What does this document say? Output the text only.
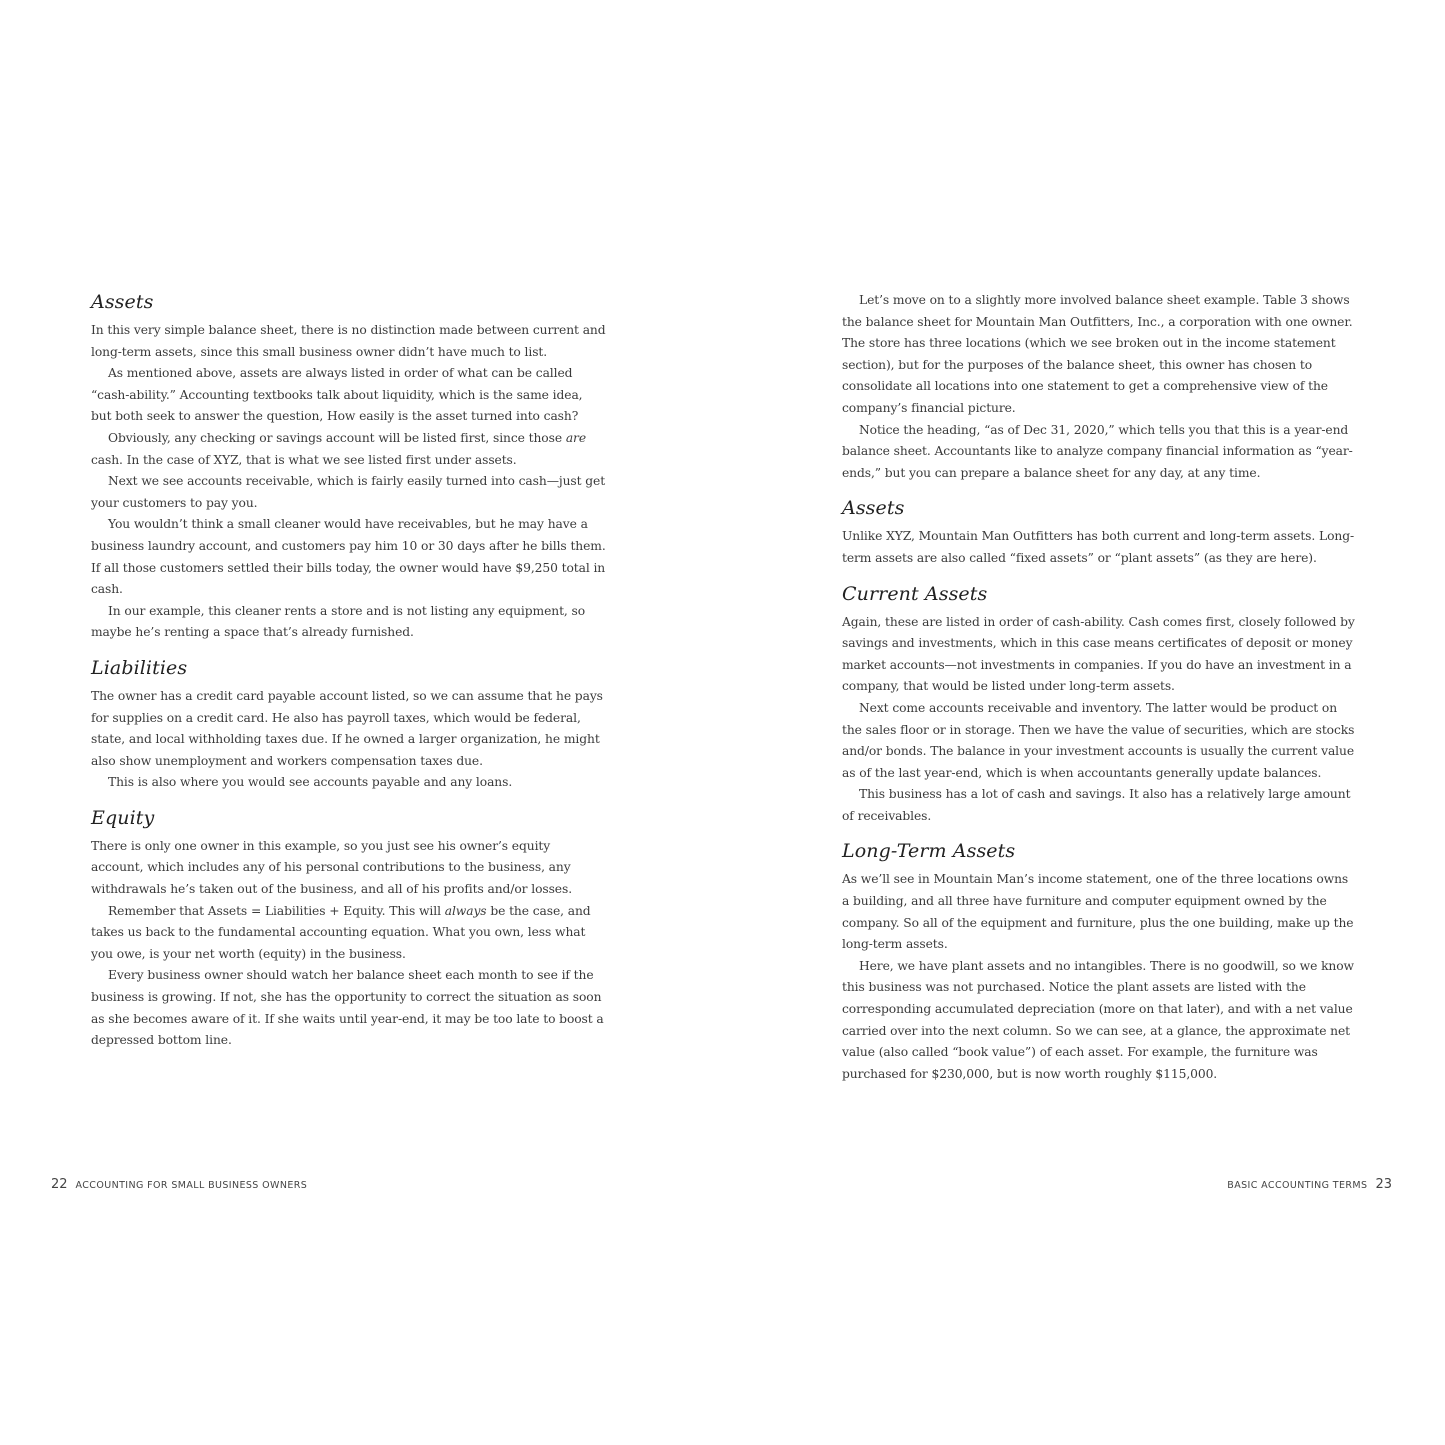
Assets

In this very simple balance sheet, there is no distinction made between current and long-term assets, since this small business owner didn’t have much to list.

As mentioned above, assets are always listed in order of what can be called “cash-ability.” Accounting textbooks talk about liquidity, which is the same idea, but both seek to answer the question, How easily is the asset turned into cash?

Obviously, any checking or savings account will be listed first, since those are cash. In the case of XYZ, that is what we see listed first under assets.

Next we see accounts receivable, which is fairly easily turned into cash—just get your customers to pay you.

You wouldn’t think a small cleaner would have receivables, but he may have a business laundry account, and customers pay him 10 or 30 days after he bills them. If all those customers settled their bills today, the owner would have $9,250 total in cash.

In our example, this cleaner rents a store and is not listing any equipment, so maybe he’s renting a space that’s already furnished.

Liabilities

The owner has a credit card payable account listed, so we can assume that he pays for supplies on a credit card. He also has payroll taxes, which would be federal, state, and local withholding taxes due. If he owned a larger organization, he might also show unemployment and workers compensation taxes due.

This is also where you would see accounts payable and any loans.

Equity

There is only one owner in this example, so you just see his owner’s equity account, which includes any of his personal contributions to the business, any withdrawals he’s taken out of the business, and all of his profits and/or losses.

Remember that Assets = Liabilities + Equity. This will always be the case, and takes us back to the fundamental accounting equation. What you own, less what you owe, is your net worth (equity) in the business.

Every business owner should watch her balance sheet each month to see if the business is growing. If not, she has the opportunity to correct the situation as soon as she becomes aware of it. If she waits until year-end, it may be too late to boost a depressed bottom line.

22 ACCOUNTING FOR SMALL BUSINESS OWNERS

Let’s move on to a slightly more involved balance sheet example. Table 3 shows the balance sheet for Mountain Man Outfitters, Inc., a corporation with one owner. The store has three locations (which we see broken out in the income statement section), but for the purposes of the balance sheet, this owner has chosen to consolidate all locations into one statement to get a comprehensive view of the company’s financial picture.

Notice the heading, “as of Dec 31, 2020,” which tells you that this is a year-end balance sheet. Accountants like to analyze company financial information as “year-ends,” but you can prepare a balance sheet for any day, at any time.

Assets

Unlike XYZ, Mountain Man Outfitters has both current and long-term assets. Long-term assets are also called “fixed assets” or “plant assets” (as they are here).

Current Assets

Again, these are listed in order of cash-ability. Cash comes first, closely followed by savings and investments, which in this case means certificates of deposit or money market accounts—not investments in companies. If you do have an investment in a company, that would be listed under long-term assets.

Next come accounts receivable and inventory. The latter would be product on the sales floor or in storage. Then we have the value of securities, which are stocks and/or bonds. The balance in your investment accounts is usually the current value as of the last year-end, which is when accountants generally update balances.

This business has a lot of cash and savings. It also has a relatively large amount of receivables.

Long-Term Assets

As we’ll see in Mountain Man’s income statement, one of the three locations owns a building, and all three have furniture and computer equipment owned by the company. So all of the equipment and furniture, plus the one building, make up the long-term assets.

Here, we have plant assets and no intangibles. There is no goodwill, so we know this business was not purchased. Notice the plant assets are listed with the corresponding accumulated depreciation (more on that later), and with a net value carried over into the next column. So we can see, at a glance, the approximate net value (also called “book value”) of each asset. For example, the furniture was purchased for $230,000, but is now worth roughly $115,000.

BASIC ACCOUNTING TERMS 23
